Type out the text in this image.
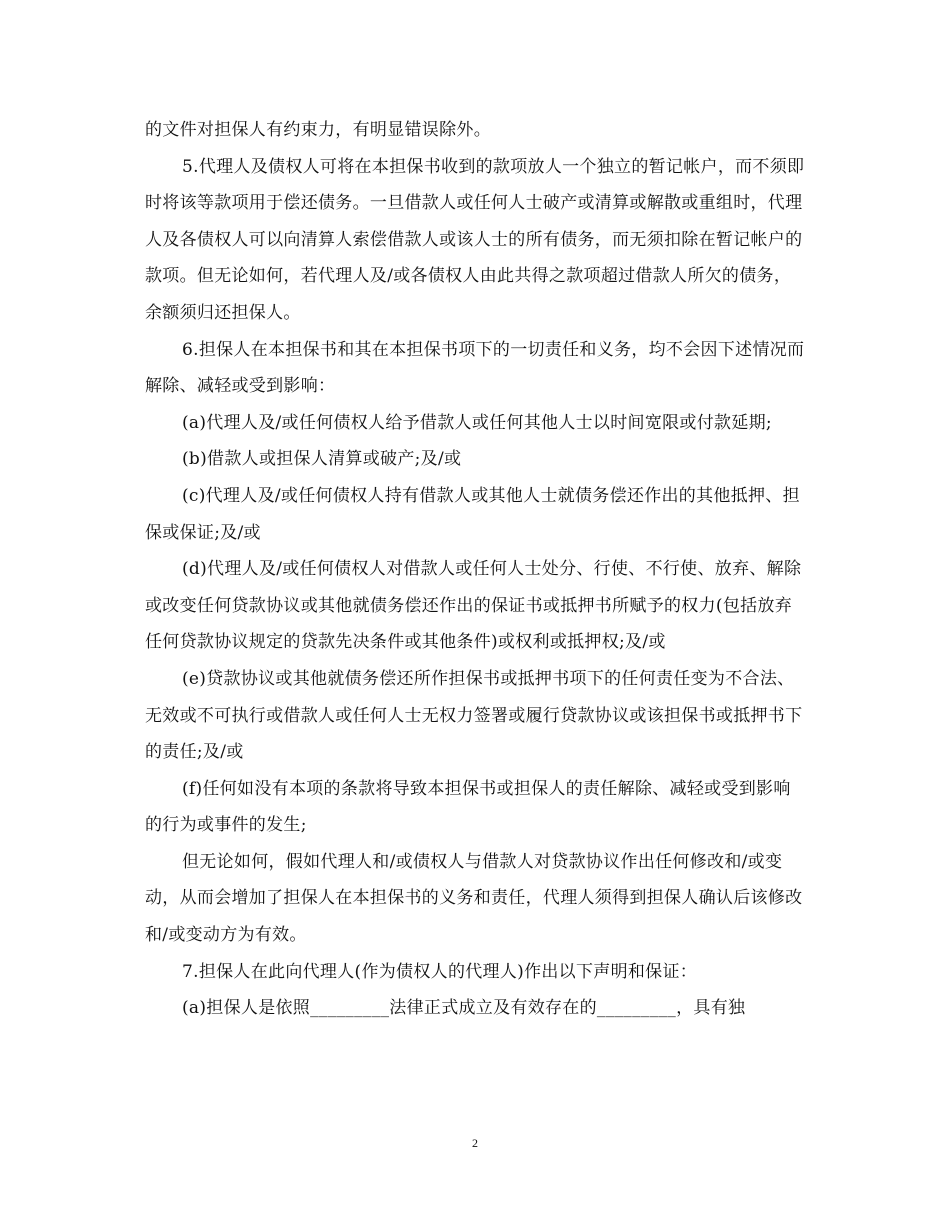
的文件对担保人有约束力，有明显错误除外。

5.代理人及债权人可将在本担保书收到的款项放人一个独立的暂记帐户，而不须即时将该等款项用于偿还债务。一旦借款人或任何人士破产或清算或解散或重组时，代理人及各债权人可以向清算人索偿借款人或该人士的所有债务，而无须扣除在暂记帐户的款项。但无论如何，若代理人及/或各债权人由此共得之款项超过借款人所欠的债务，余额须归还担保人。

6.担保人在本担保书和其在本担保书项下的一切责任和义务，均不会因下述情况而解除、减轻或受到影响：

(a)代理人及/或任何债权人给予借款人或任何其他人士以时间宽限或付款延期;

(b)借款人或担保人清算或破产;及/或

(c)代理人及/或任何债权人持有借款人或其他人士就债务偿还作出的其他抵押、担保或保证;及/或

(d)代理人及/或任何债权人对借款人或任何人士处分、行使、不行使、放弃、解除或改变任何贷款协议或其他就债务偿还作出的保证书或抵押书所赋予的权力(包括放弃任何贷款协议规定的贷款先决条件或其他条件)或权利或抵押权;及/或

(e)贷款协议或其他就债务偿还所作担保书或抵押书项下的任何责任变为不合法、无效或不可执行或借款人或任何人士无权力签署或履行贷款协议或该担保书或抵押书下的责任;及/或

(f)任何如没有本项的条款将导致本担保书或担保人的责任解除、减轻或受到影响的行为或事件的发生;

但无论如何，假如代理人和/或债权人与借款人对贷款协议作出任何修改和/或变动，从而会增加了担保人在本担保书的义务和责任，代理人须得到担保人确认后该修改和/或变动方为有效。

7.担保人在此向代理人(作为债权人的代理人)作出以下声明和保证：

(a)担保人是依照_________法律正式成立及有效存在的_________，具有独

2
